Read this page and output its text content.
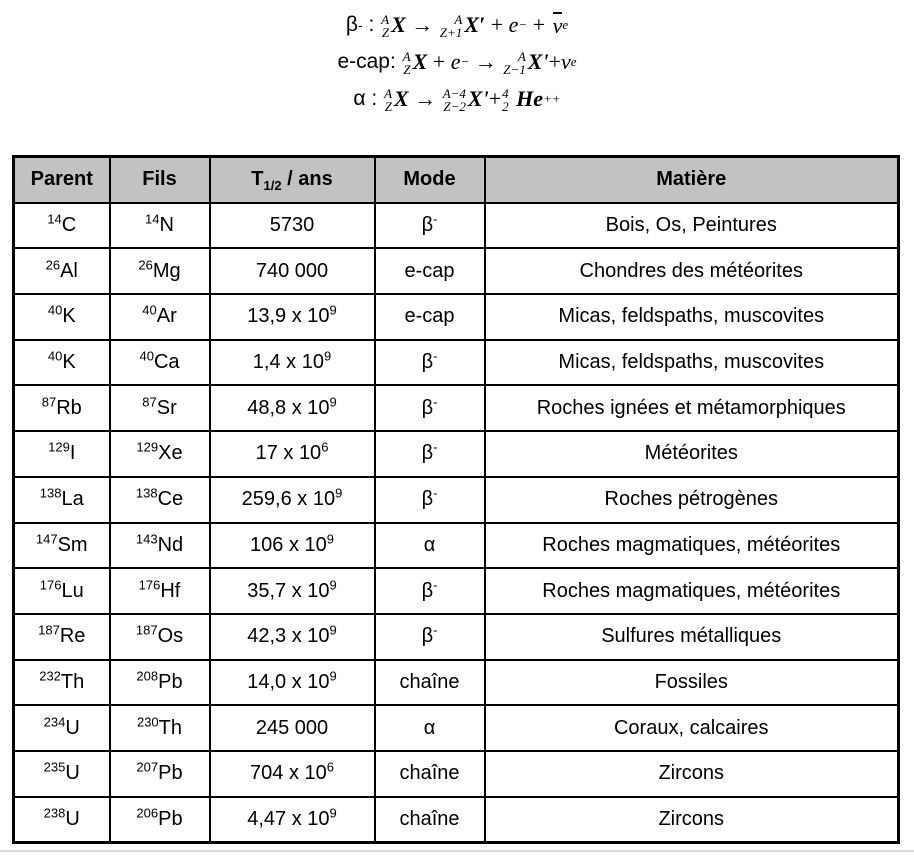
β - : A
Z X → A
Z+1 X′ + e − + ν e
e-cap: A
Z X + e − → A
Z−1 X' + ν e
α : A
Z X → A−4
Z−2 X' + 4
2 He ++
Parent	Fils	$T_{1/2}$ / ans	Mode	Matière
$^{14}$C	$^{14}$N	5730	β-	Bois, Os, Peintures
$^{26}$Al	$^{26}$Mg	740 000	e-cap	Chondres des météorites
$^{40}$K	$^{40}$Ar	13,9 x $10^9$	e-cap	Micas, feldspaths, muscovites
$^{40}$K	$^{40}$Ca	1,4 x $10^9$	β-	Micas, feldspaths, muscovites
$^{87}$Rb	$^{87}$Sr	48,8 x $10^9$	β-	Roches ignées et métamorphiques
$^{129}$I	$^{129}$Xe	17 x $10^6$	β-	Météorites
$^{138}$La	$^{138}$Ce	259,6 x $10^9$	β-	Roches pétrogènes
$^{147}$Sm	$^{143}$Nd	106 x $10^9$	α	Roches magmatiques, météorites
$^{176}$Lu	$^{176}$Hf	35,7 x $10^9$	β-	Roches magmatiques, météorites
$^{187}$Re	$^{187}$Os	42,3 x $10^9$	β-	Sulfures métalliques
$^{232}$Th	$^{208}$Pb	14,0 x $10^9$	chaîne	Fossiles
$^{234}$U	$^{230}$Th	245 000	α	Coraux, calcaires
$^{235}$U	$^{207}$Pb	704 x $10^6$	chaîne	Zircons
$^{238}$U	$^{206}$Pb	4,47 x $10^9$	chaîne	Zircons
